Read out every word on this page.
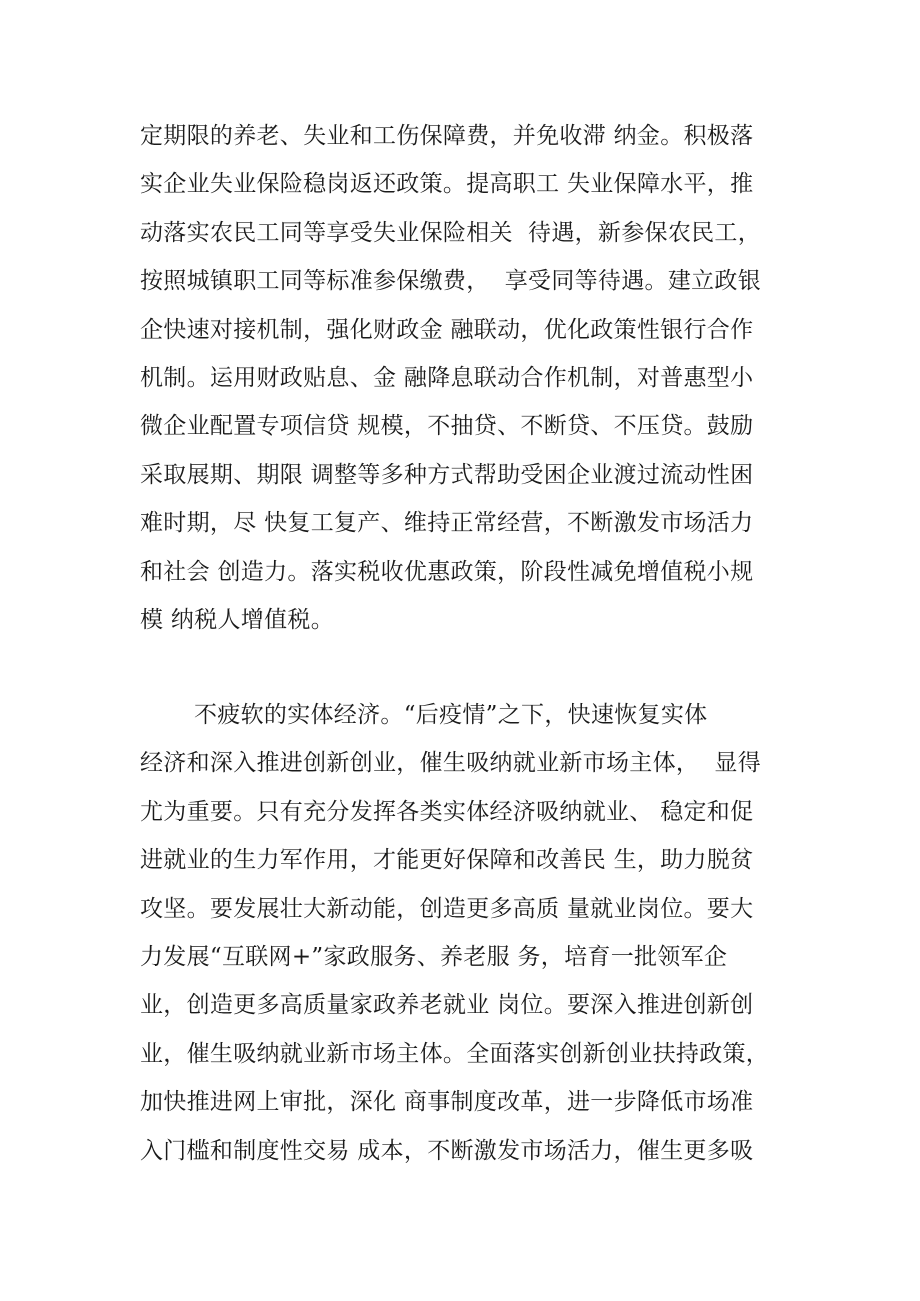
定期限的养老、失业和工伤保障费，并免收滞 纳金。积极落
实企业失业保险稳岗返还政策。提高职工 失业保障水平，推
动落实农民工同等享受失业保险相关  待遇，新参保农民工，
按照城镇职工同等标准参保缴费，  享受同等待遇。建立政银
企快速对接机制，强化财政金 融联动，优化政策性银行合作
机制。运用财政贴息、金 融降息联动合作机制，对普惠型小
微企业配置专项信贷 规模，不抽贷、不断贷、不压贷。鼓励
采取展期、期限 调整等多种方式帮助受困企业渡过流动性困
难时期，尽 快复工复产、维持正常经营，不断激发市场活力
和社会 创造力。落实税收优惠政策，阶段性减免增值税小规
模 纳税人增值税。
不疲软的实体经济。“后疫情”之下，快速恢复实体
经济和深入推进创新创业，催生吸纳就业新市场主体，  显得
尤为重要。只有充分发挥各类实体经济吸纳就业、 稳定和促
进就业的生力军作用，才能更好保障和改善民 生，助力脱贫
攻坚。要发展壮大新动能，创造更多高质 量就业岗位。要大
力发展“互联网+”家政服务、养老服 务，培育一批领军企
业，创造更多高质量家政养老就业 岗位。要深入推进创新创
业，催生吸纳就业新市场主体。全面落实创新创业扶持政策，
加快推进网上审批，深化 商事制度改革，进一步降低市场准
入门槛和制度性交易 成本，不断激发市场活力，催生更多吸
